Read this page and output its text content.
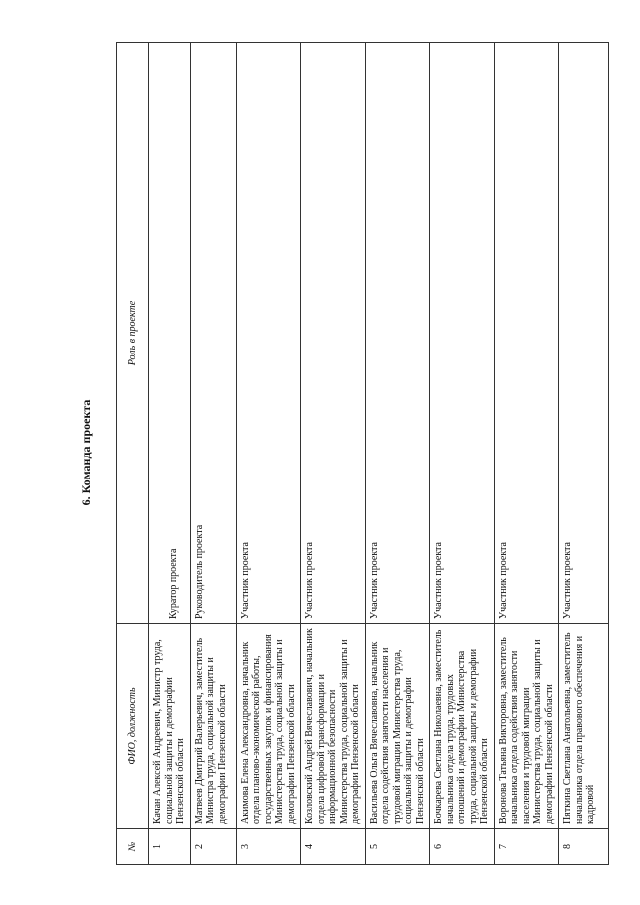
6. Команда проекта
№	ФИО, должность	Роль в проекте
1	Качан Алексей Андреевич, Министр труда, социальной защиты и демографии Пензенской области	Куратор проекта
2	Матвеев Дмитрий Валерьевич, заместитель Министра труда, социальной защиты и демографии Пензенской области	Руководитель проекта
3	Акимова Елена Александровна, начальник отдела планово-экономической работы, государственных закупок и финансирования Министерства труда, социальной защиты и демографии Пензенской области	Участник проекта
4	Козловский Андрей Вячеславович, начальник отдела цифровой трансформации и информационной безопасности Министерства труда, социальной защиты и демографии Пензенской области	Участник проекта
5	Васильева Ольга Вячеславовна, начальник отдела содействия занятости населения и трудовой миграции Министерства труда, социальной защиты и демографии Пензенской области	Участник проекта
6	Бочкарева Светлана Николаевна, заместитель начальника отдела труда, трудовых отношений и демографии Министерства труда, социальной защиты и демографии Пензенской области	Участник проекта
7	Воронова Татьяна Викторовна, заместитель начальника отдела содействия занятости населения и трудовой миграции Министерства труда, социальной защиты и демографии Пензенской области	Участник проекта
8	Пяткина Светлана Анатольевна, заместитель начальника отдела правового обеспечения и кадровой	Участник проекта
